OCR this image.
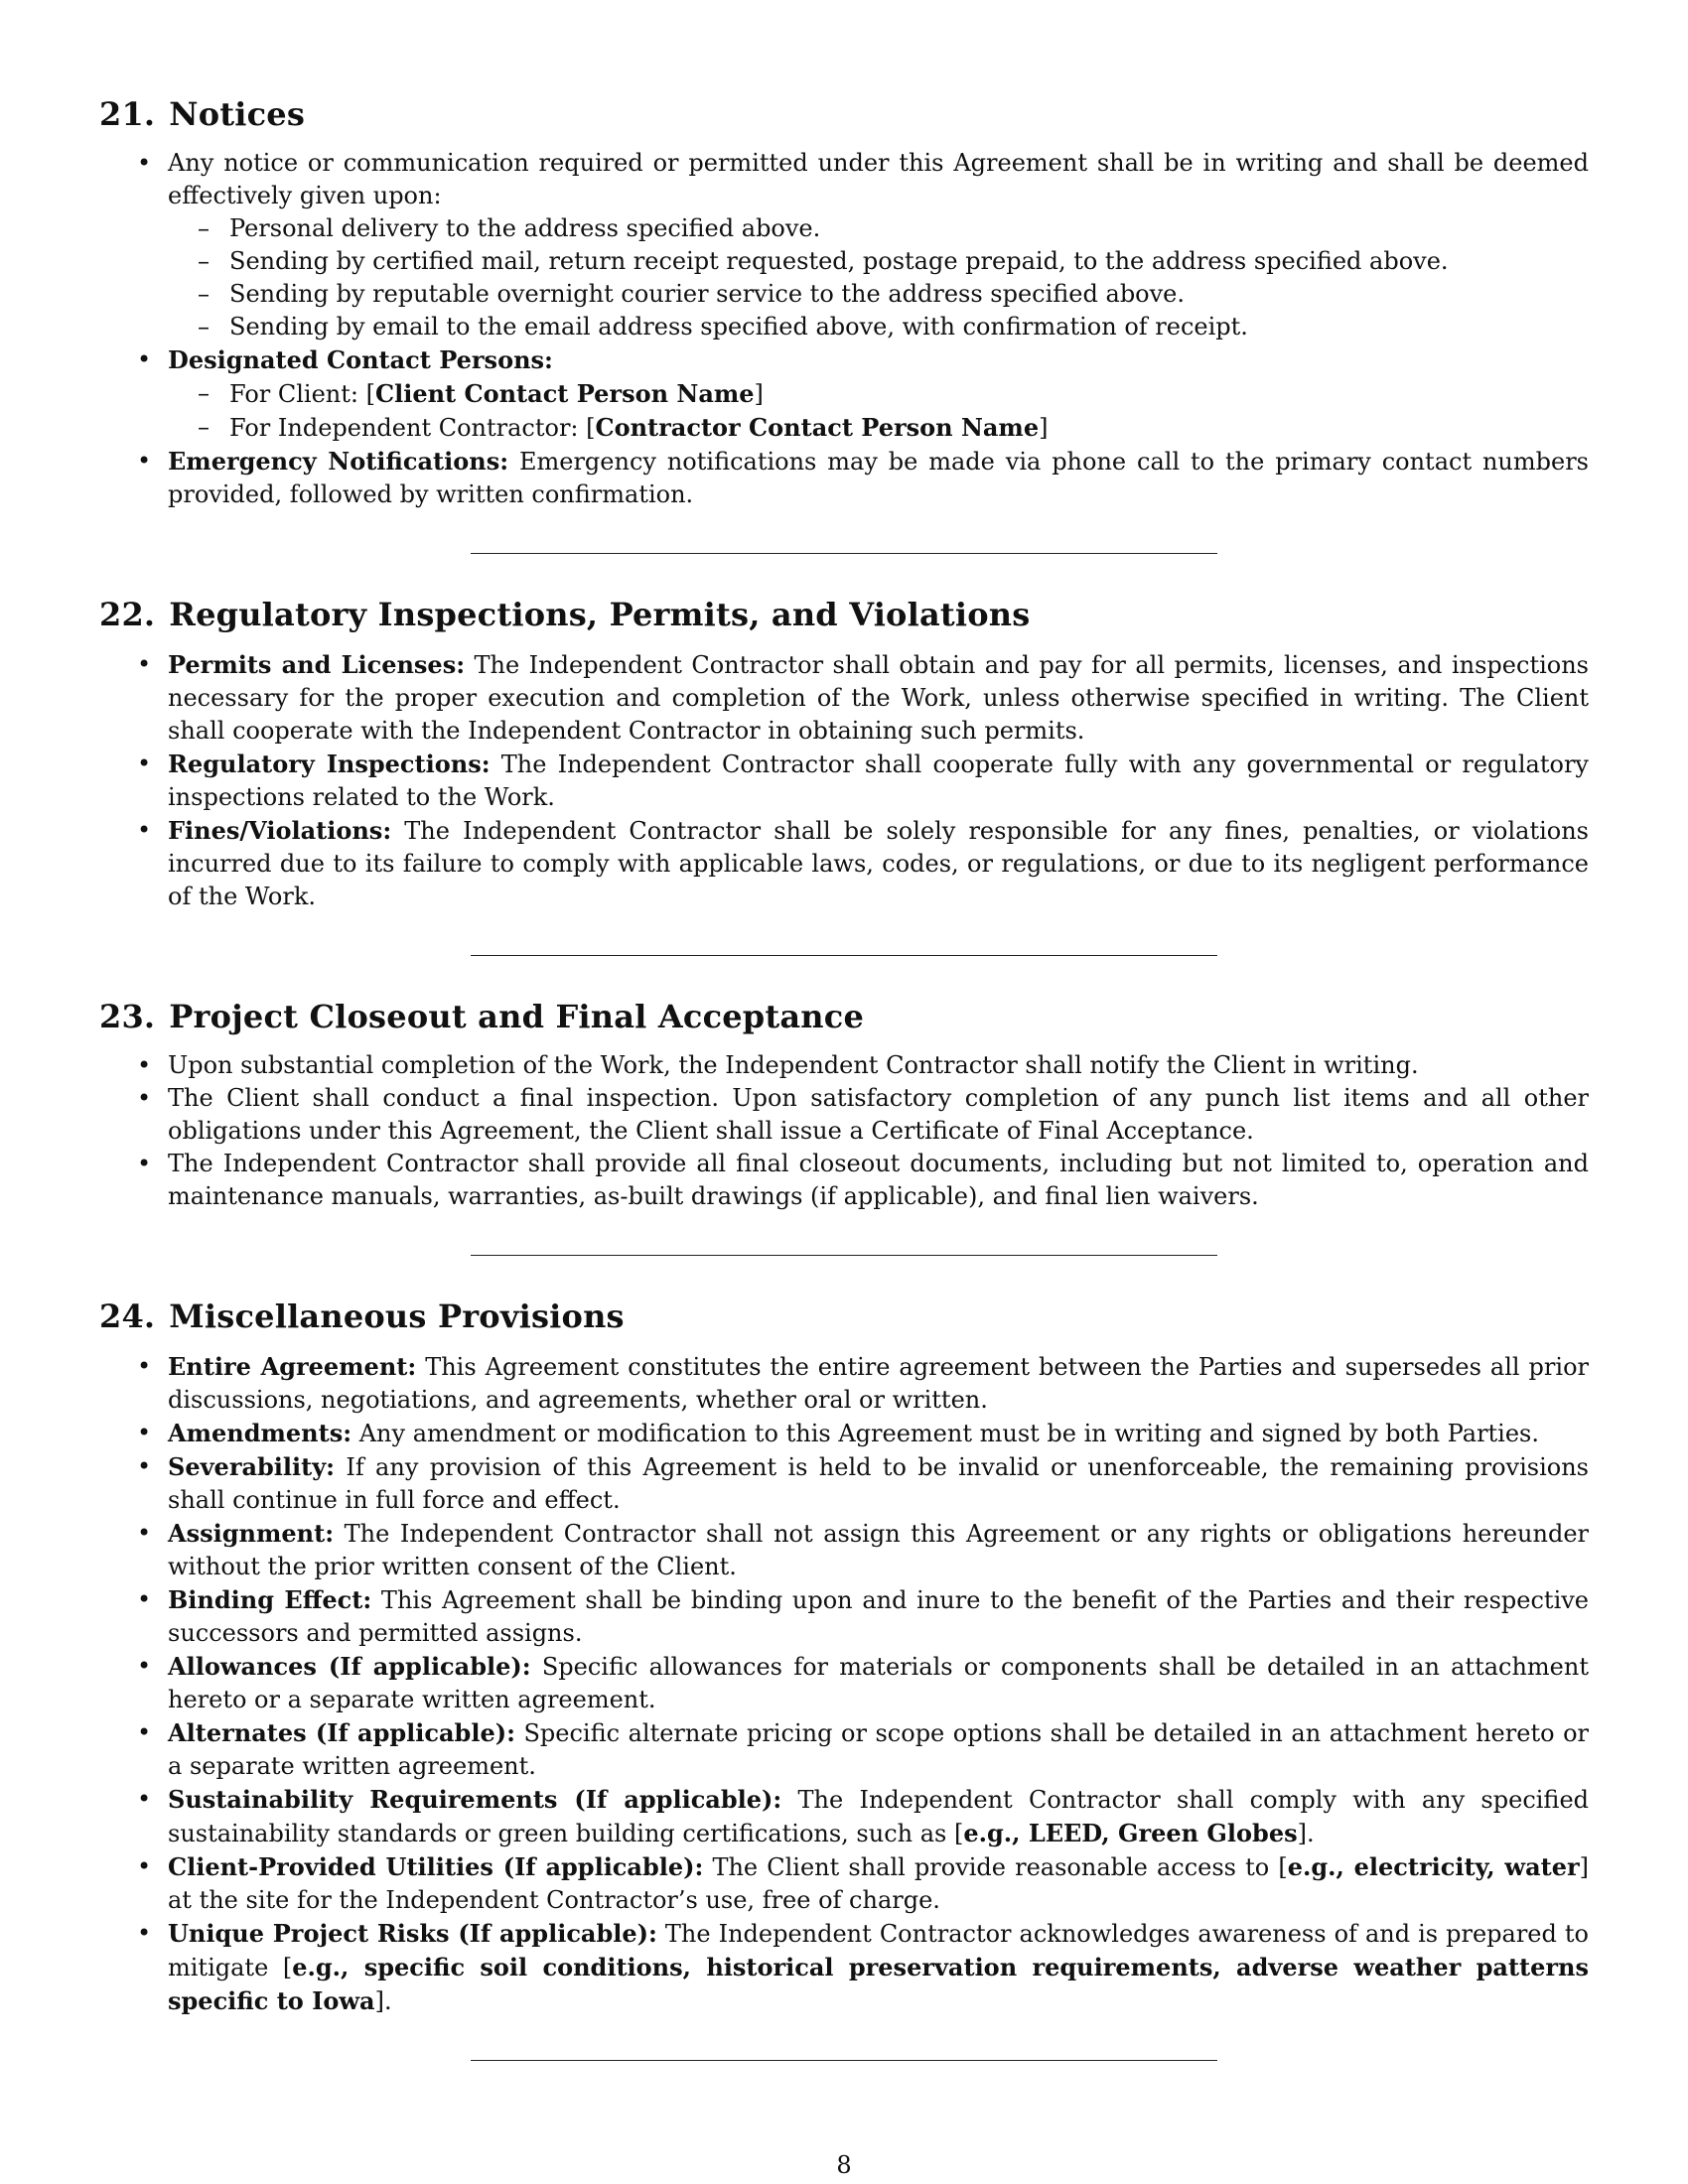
21. Notices
• Any notice or communication required or permitted under this Agreement shall be in writing and shall be deemed effectively given upon:
– Personal delivery to the address specified above.
– Sending by certified mail, return receipt requested, postage prepaid, to the address specified above.
– Sending by reputable overnight courier service to the address specified above.
– Sending by email to the email address specified above, with confirmation of receipt.
• Designated Contact Persons:
– For Client: [Client Contact Person Name]
– For Independent Contractor: [Contractor Contact Person Name]
• Emergency Notifications: Emergency notifications may be made via phone call to the primary contact numbers provided, followed by written confirmation.
22. Regulatory Inspections, Permits, and Violations
• Permits and Licenses: The Independent Contractor shall obtain and pay for all permits, licenses, and inspections necessary for the proper execution and completion of the Work, unless otherwise specified in writing. The Client shall cooperate with the Independent Contractor in obtaining such permits.
• Regulatory Inspections: The Independent Contractor shall cooperate fully with any governmental or regulatory inspections related to the Work.
• Fines/Violations: The Independent Contractor shall be solely responsible for any fines, penalties, or violations incurred due to its failure to comply with applicable laws, codes, or regulations, or due to its negligent performance of the Work.
23. Project Closeout and Final Acceptance
• Upon substantial completion of the Work, the Independent Contractor shall notify the Client in writing.
• The Client shall conduct a final inspection. Upon satisfactory completion of any punch list items and all other obligations under this Agreement, the Client shall issue a Certificate of Final Acceptance.
• The Independent Contractor shall provide all final closeout documents, including but not limited to, operation and maintenance manuals, warranties, as-built drawings (if applicable), and final lien waivers.
24. Miscellaneous Provisions
• Entire Agreement: This Agreement constitutes the entire agreement between the Parties and supersedes all prior discussions, negotiations, and agreements, whether oral or written.
• Amendments: Any amendment or modification to this Agreement must be in writing and signed by both Parties.
• Severability: If any provision of this Agreement is held to be invalid or unenforceable, the remaining provisions shall continue in full force and effect.
• Assignment: The Independent Contractor shall not assign this Agreement or any rights or obligations hereunder without the prior written consent of the Client.
• Binding Effect: This Agreement shall be binding upon and inure to the benefit of the Parties and their respective successors and permitted assigns.
• Allowances (If applicable): Specific allowances for materials or components shall be detailed in an attachment hereto or a separate written agreement.
• Alternates (If applicable): Specific alternate pricing or scope options shall be detailed in an attachment hereto or a separate written agreement.
• Sustainability Requirements (If applicable): The Independent Contractor shall comply with any specified sustainability standards or green building certifications, such as [e.g., LEED, Green Globes].
• Client-Provided Utilities (If applicable): The Client shall provide reasonable access to [e.g., electricity, water] at the site for the Independent Contractor’s use, free of charge.
• Unique Project Risks (If applicable): The Independent Contractor acknowledges awareness of and is prepared to mitigate [e.g., specific soil conditions, historical preservation requirements, adverse weather patterns specific to Iowa].
8
